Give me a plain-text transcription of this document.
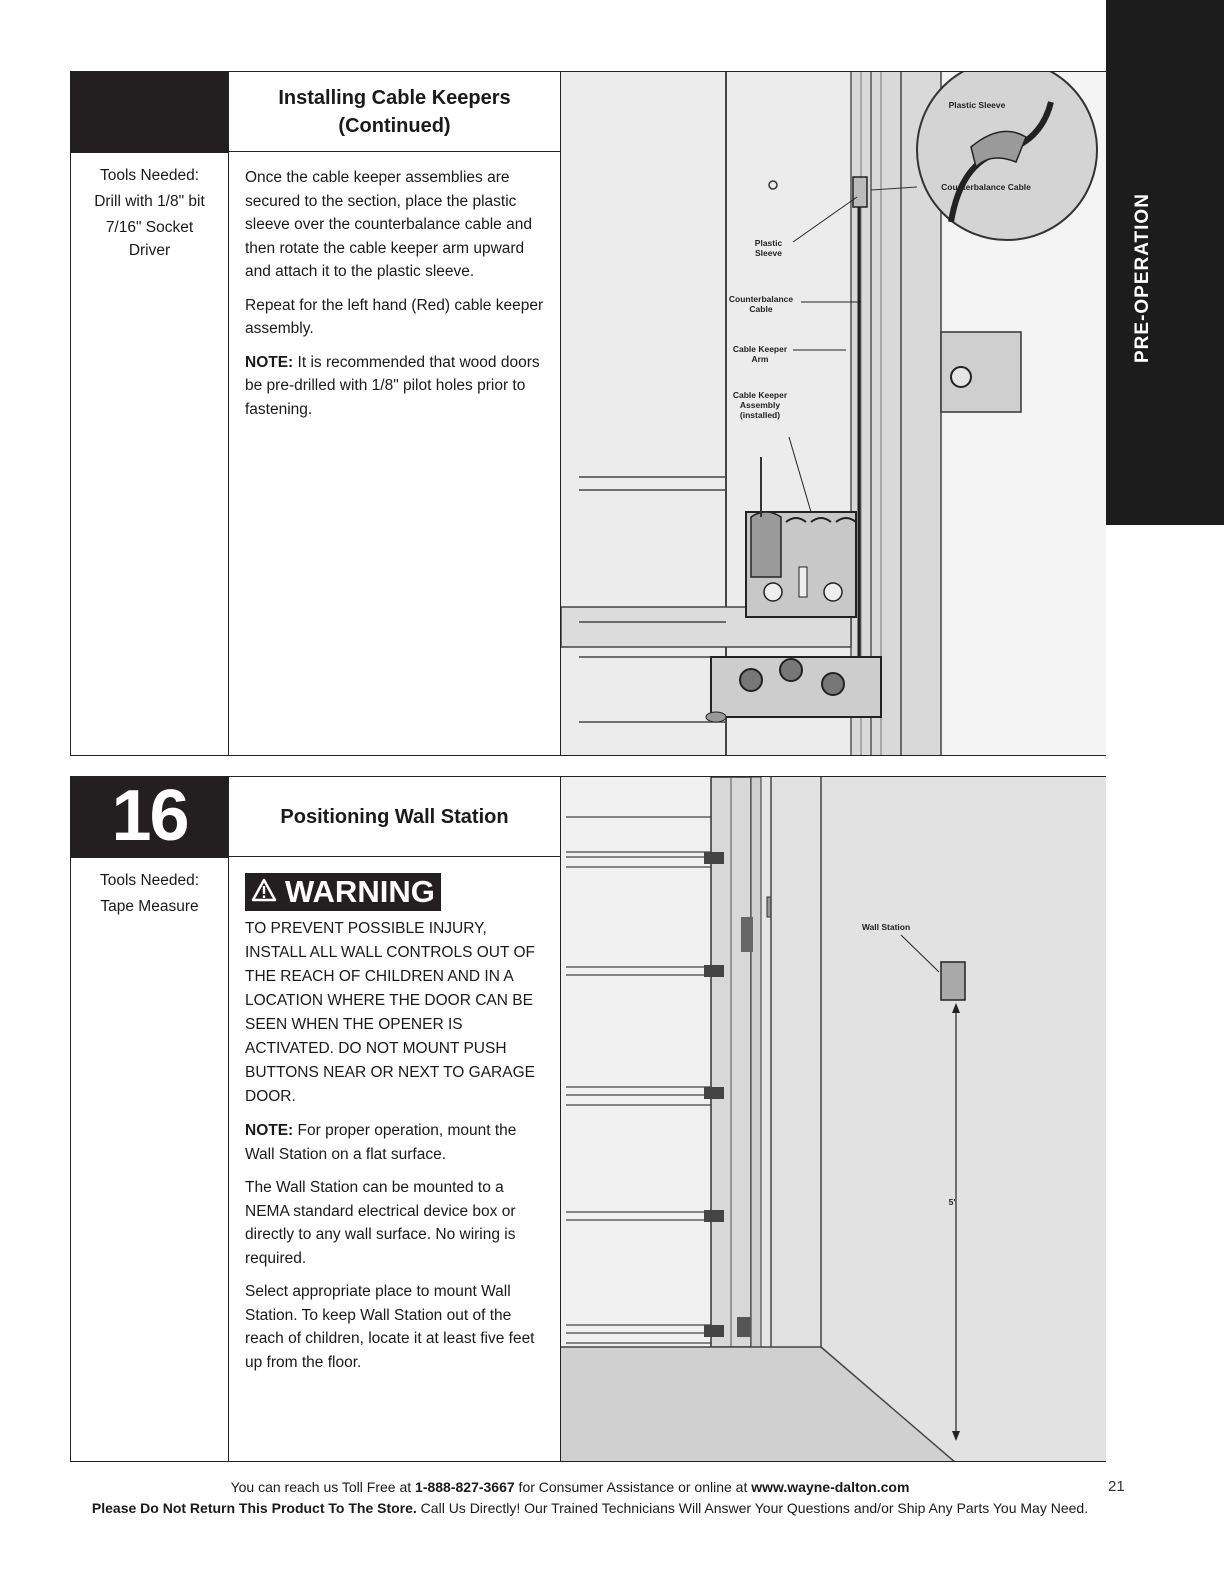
PRE-OPERATION
Installing Cable Keepers (Continued)

Tools Needed:

Drill with 1/8" bit

7/16" Socket Driver

Once the cable keeper assemblies are secured to the section, place the plastic sleeve over the counterbalance cable and then rotate the cable keeper arm upward and attach it to the plastic sleeve.

Repeat for the left hand (Red) cable keeper assembly.

NOTE: It is recommended that wood doors be pre-drilled with 1/8" pilot holes prior to fastening.

Plastic Sleeve
Counterbalance Cable
Plastic Sleeve
Counterbalance Cable
Cable Keeper Arm
Cable Keeper Assembly (installed)
16	Positioning Wall Station

Tools Needed:

Tape Measure	WARNING

TO PREVENT POSSIBLE INJURY, INSTALL ALL WALL CONTROLS OUT OF THE REACH OF CHILDREN AND IN A LOCATION WHERE THE DOOR CAN BE SEEN WHEN THE OPENER IS ACTIVATED. DO NOT MOUNT PUSH BUTTONS NEAR OR NEXT TO GARAGE DOOR.

NOTE: For proper operation, mount the Wall Station on a flat surface.

The Wall Station can be mounted to a NEMA standard electrical device box or directly to any wall surface. No wiring is required.

Select appropriate place to mount Wall Station. To keep Wall Station out of the reach of children, locate it at least five feet up from the floor.

Wall Station
5'
You can reach us Toll Free at 1-888-827-3667 for Consumer Assistance or online at www.wayne-dalton.com
Please Do Not Return This Product To The Store. Call Us Directly! Our Trained Technicians Will Answer Your Questions and/or Ship Any Parts You May Need.
21
